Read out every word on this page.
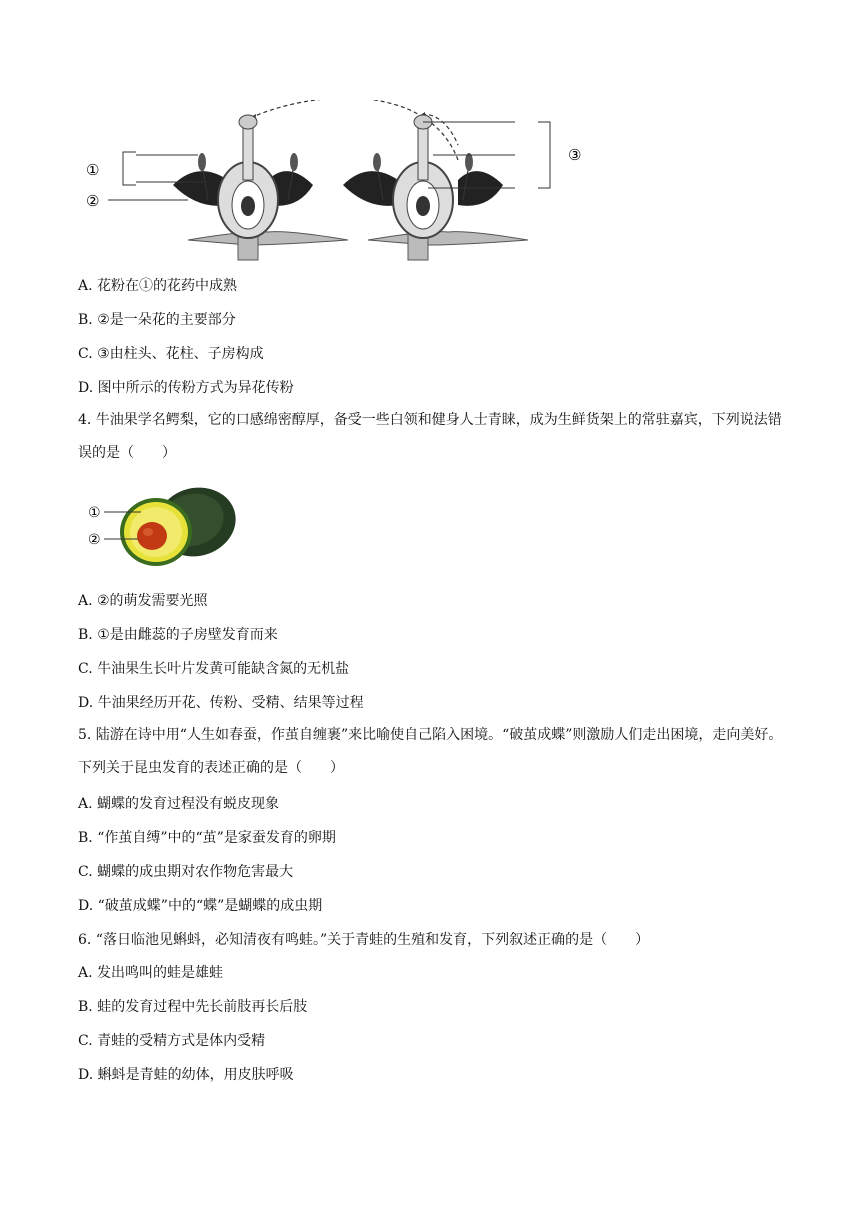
①
②
③
A. 花粉在①的花药中成熟
B. ②是一朵花的主要部分
C. ③由柱头、花柱、子房构成
D. 图中所示的传粉方式为异花传粉
4. 牛油果学名鳄梨，它的口感绵密醇厚，备受一些白领和健身人士青睐，成为生鲜货架上的常驻嘉宾，下列说法错误的是（　　）
①
②
A. ②的萌发需要光照
B. ①是由雌蕊的子房壁发育而来
C. 牛油果生长叶片发黄可能缺含氮的无机盐
D. 牛油果经历开花、传粉、受精、结果等过程
5. 陆游在诗中用“人生如春蚕，作茧自缠裹”来比喻使自己陷入困境。“破茧成蝶”则激励人们走出困境，走向美好。下列关于昆虫发育的表述正确的是（　　）
A. 蝴蝶的发育过程没有蜕皮现象
B. “作茧自缚”中的“茧”是家蚕发育的卵期
C. 蝴蝶的成虫期对农作物危害最大
D. “破茧成蝶”中的“蝶”是蝴蝶的成虫期
6. “落日临池见蝌蚪，必知清夜有鸣蛙。”关于青蛙的生殖和发育，下列叙述正确的是（　　）
A. 发出鸣叫的蛙是雄蛙
B. 蛙的发育过程中先长前肢再长后肢
C. 青蛙的受精方式是体内受精
D. 蝌蚪是青蛙的幼体，用皮肤呼吸
